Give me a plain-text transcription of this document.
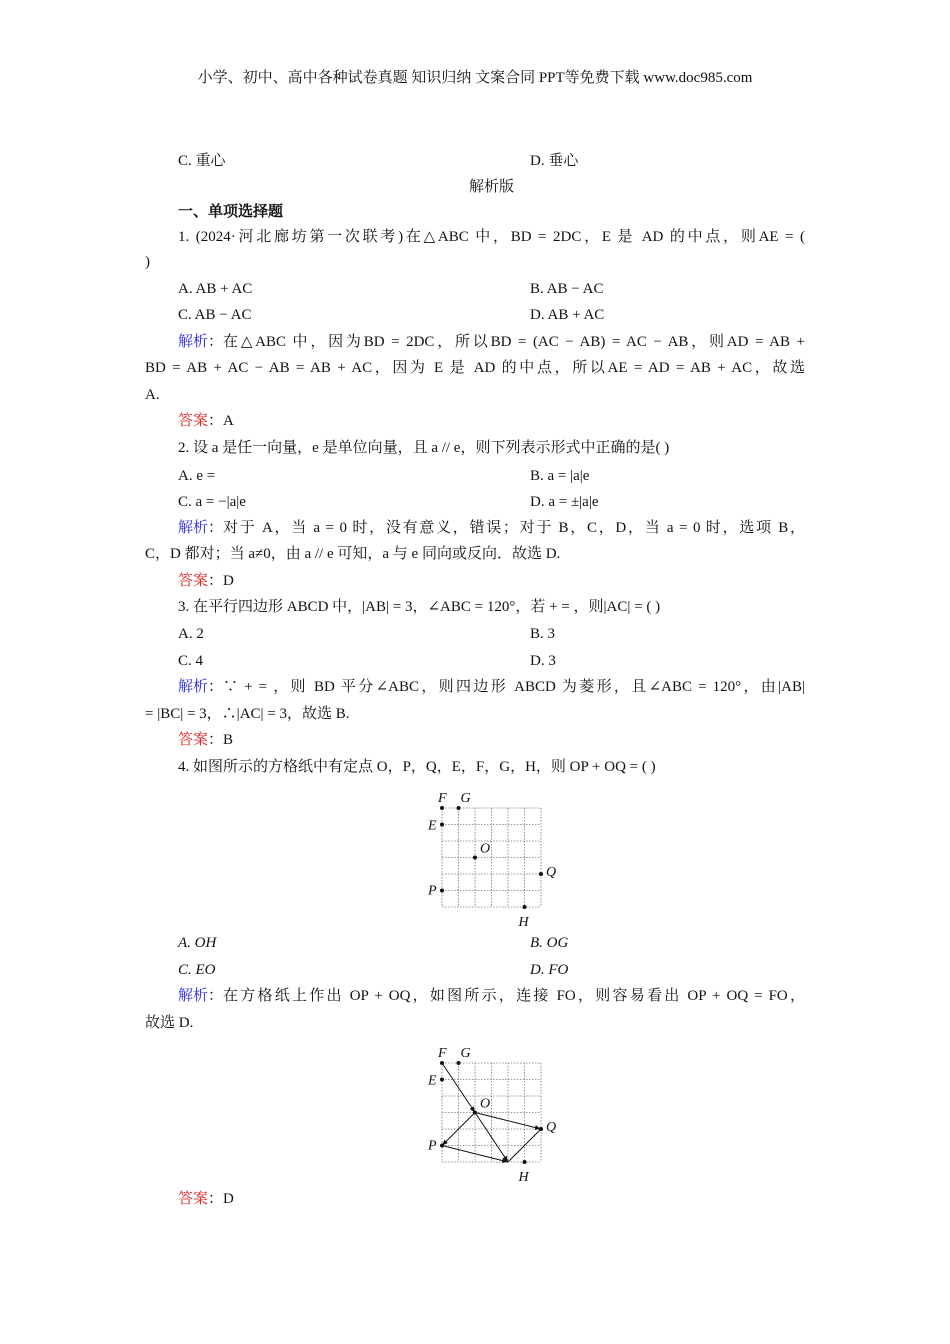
小学、初中、高中各种试卷真题 知识归纳 文案合同 PPT等免费下载 www.doc985.com
C. 重心	D. 垂心
解析版
一、单项选择题
1. (2024·河北廊坊第一次联考)在△ABC 中，BD = 2DC，E 是 AD 的中点，则AE = (
)
A. AB + AC	B. AB − AC
C. AB − AC	D. AB + AC
解析 ： 在△ABC 中，因为BD = 2DC，所以BD = (AC − AB) = AC − AB，则AD = AB +
BD = AB + AC − AB = AB + AC，因为 E 是 AD 的中点，所以AE = AD = AB + AC，故选
A.
答案：A
2. 设 a 是任一向量，e 是单位向量，且 a // e，则下列表示形式中正确的是( )
A. e =	B. a = |a|e
C. a = −|a|e	D. a = ±|a|e
解析 ： 对于 A，当 a = 0 时，没有意义，错误；对于 B，C，D，当 a = 0 时，选项 B，
C，D 都对；当 a≠0，由 a // e 可知，a 与 e 同向或反向．故选 D.
答案：D
3. 在平行四边形 ABCD 中，|AB| = 3，∠ABC = 120°，若 + = ，则|AC| = ( )
A. 2	B. 3
C. 4	D. 3
解析 ： ∵ + = ，则 BD 平分∠ABC，则四边形 ABCD 为菱形，且∠ABC = 120°，由|AB|
= |BC| = 3，∴|AC| = 3，故选 B.
答案：B
4. 如图所示的方格纸中有定点 O，P，Q，E，F，G，H，则 OP + OQ = ( )
F G
E
O
Q
P
H
A. OH	B. OG
C. EO	D. FO
解析 ： 在方格纸上作出 OP + OQ，如图所示，连接 FO，则容易看出 OP + OQ = FO，
故选 D.
F G
E
O
Q
P
H
答案：D
